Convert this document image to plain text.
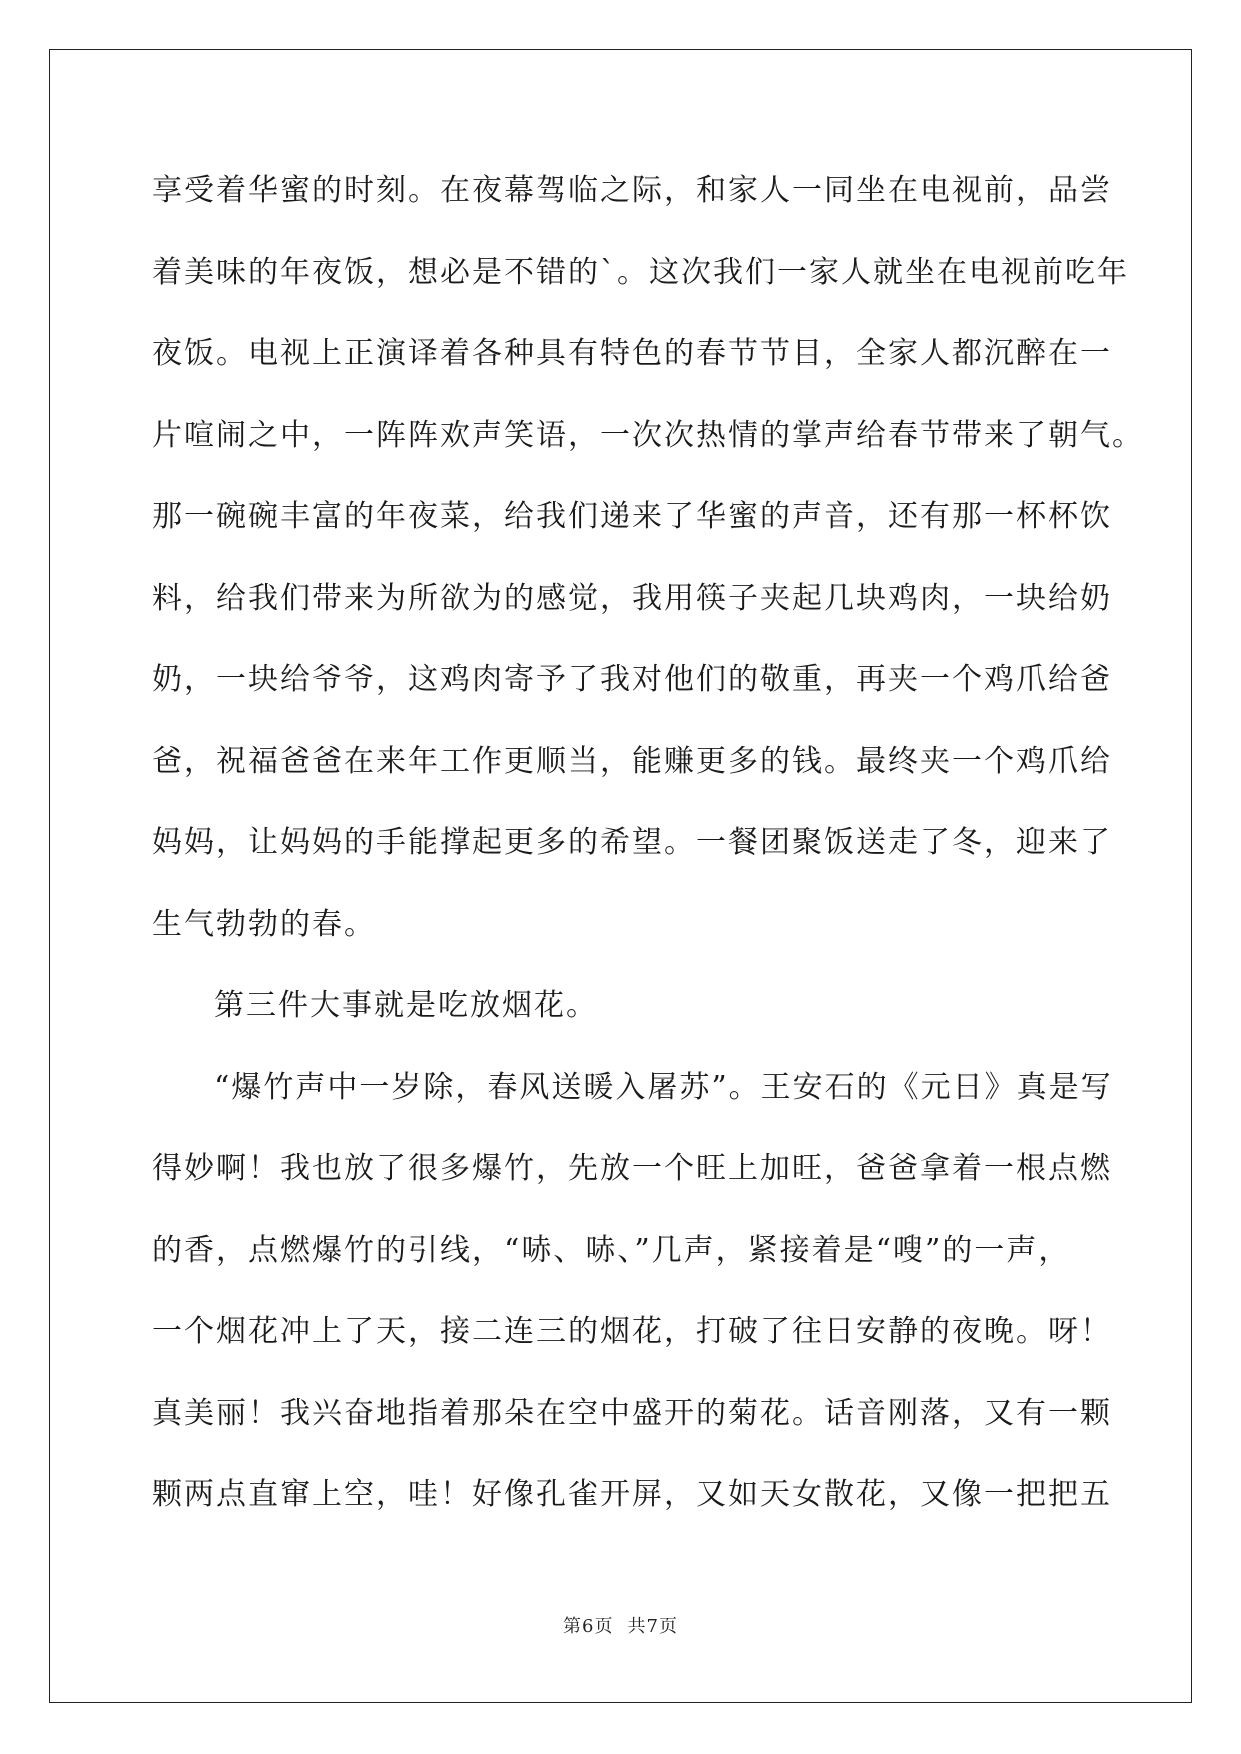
享受着华蜜的时刻。在夜幕驾临之际，和家人一同坐在电视前，品尝
着美味的年夜饭，想必是不错的`。这次我们一家人就坐在电视前吃年
夜饭。电视上正演译着各种具有特色的春节节目，全家人都沉醉在一
片喧闹之中，一阵阵欢声笑语，一次次热情的掌声给春节带来了朝气。
那一碗碗丰富的年夜菜，给我们递来了华蜜的声音，还有那一杯杯饮
料，给我们带来为所欲为的感觉，我用筷子夹起几块鸡肉，一块给奶
奶，一块给爷爷，这鸡肉寄予了我对他们的敬重，再夹一个鸡爪给爸
爸，祝福爸爸在来年工作更顺当，能赚更多的钱。最终夹一个鸡爪给
妈妈，让妈妈的手能撑起更多的希望。一餐团聚饭送走了冬，迎来了
生气勃勃的春。
第三件大事就是吃放烟花。
“爆竹声中一岁除，春风送暖入屠苏”。王安石的《元日》真是写
得妙啊！我也放了很多爆竹，先放一个旺上加旺，爸爸拿着一根点燃
的香，点燃爆竹的引线，“哧、哧、”几声，紧接着是“嗖”的一声，
一个烟花冲上了天，接二连三的烟花，打破了往日安静的夜晚。呀！
真美丽！我兴奋地指着那朵在空中盛开的菊花。话音刚落，又有一颗
颗两点直窜上空，哇！好像孔雀开屏，又如天女散花，又像一把把五
第6页 共7页
